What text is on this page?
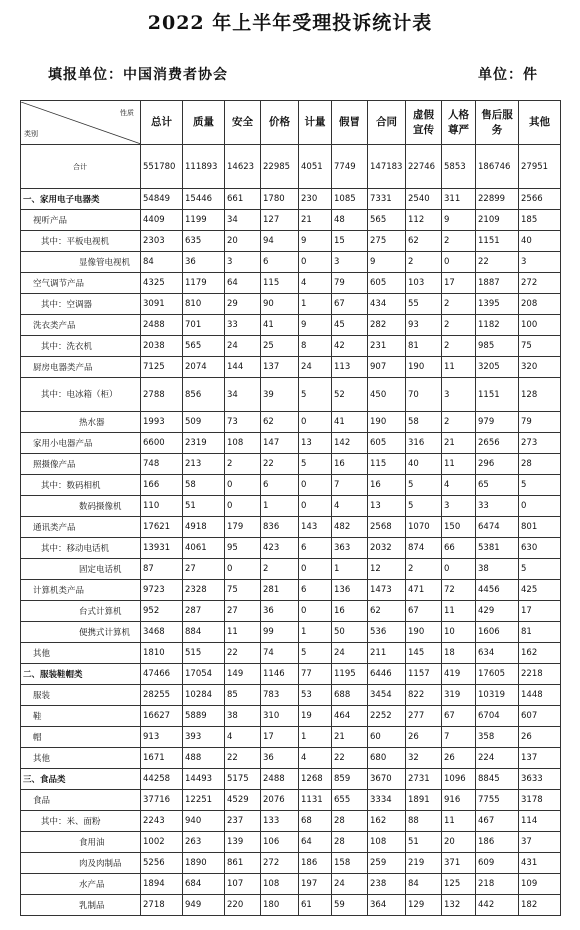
2022 年上半年受理投诉统计表
填报单位：中国消费者协会	单位：件
性质
类别	总计	质量	安全	价格	计量	假冒	合同	虚假宣传	人格尊严	售后服务	其他
合计	551780	111893	14623	22985	4051	7749	147183	22746	5853	186746	27951
一、家用电子电器类	54849	15446	661	1780	230	1085	7331	2540	311	22899	2566
视听产品	4409	1199	34	127	21	48	565	112	9	2109	185
其中：平板电视机	2303	635	20	94	9	15	275	62	2	1151	40
显像管电视机	84	36	3	6	0	3	9	2	0	22	3
空气调节产品	4325	1179	64	115	4	79	605	103	17	1887	272
其中：空调器	3091	810	29	90	1	67	434	55	2	1395	208
洗衣类产品	2488	701	33	41	9	45	282	93	2	1182	100
其中：洗衣机	2038	565	24	25	8	42	231	81	2	985	75
厨房电器类产品	7125	2074	144	137	24	113	907	190	11	3205	320
其中：电冰箱（柜）	2788	856	34	39	5	52	450	70	3	1151	128
热水器	1993	509	73	62	0	41	190	58	2	979	79
家用小电器产品	6600	2319	108	147	13	142	605	316	21	2656	273
照摄像产品	748	213	2	22	5	16	115	40	11	296	28
其中：数码相机	166	58	0	6	0	7	16	5	4	65	5
数码摄像机	110	51	0	1	0	4	13	5	3	33	0
通讯类产品	17621	4918	179	836	143	482	2568	1070	150	6474	801
其中：移动电话机	13931	4061	95	423	6	363	2032	874	66	5381	630
固定电话机	87	27	0	2	0	1	12	2	0	38	5
计算机类产品	9723	2328	75	281	6	136	1473	471	72	4456	425
台式计算机	952	287	27	36	0	16	62	67	11	429	17
便携式计算机	3468	884	11	99	1	50	536	190	10	1606	81
其他	1810	515	22	74	5	24	211	145	18	634	162
二、服装鞋帽类	47466	17054	149	1146	77	1195	6446	1157	419	17605	2218
服装	28255	10284	85	783	53	688	3454	822	319	10319	1448
鞋	16627	5889	38	310	19	464	2252	277	67	6704	607
帽	913	393	4	17	1	21	60	26	7	358	26
其他	1671	488	22	36	4	22	680	32	26	224	137
三、食品类	44258	14493	5175	2488	1268	859	3670	2731	1096	8845	3633
食品	37716	12251	4529	2076	1131	655	3334	1891	916	7755	3178
其中：米、面粉	2243	940	237	133	68	28	162	88	11	467	114
食用油	1002	263	139	106	64	28	108	51	20	186	37
肉及肉制品	5256	1890	861	272	186	158	259	219	371	609	431
水产品	1894	684	107	108	197	24	238	84	125	218	109
乳制品	2718	949	220	180	61	59	364	129	132	442	182
